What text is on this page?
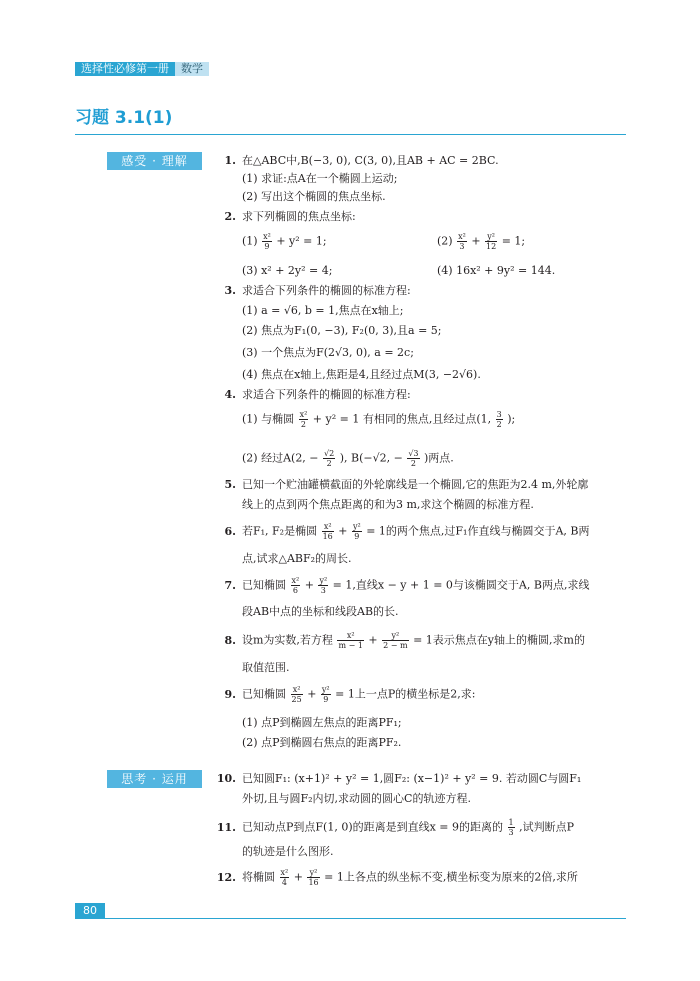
选择性必修第一册	数学
习题 3.1(1)
感受 · 理解	1. 在△ABC中,B(−3, 0), C(3, 0),且AB + AC = 2BC.
(1) 求证:点A在一个椭圆上运动;
(2) 写出这个椭圆的焦点坐标.
2. 求下列椭圆的焦点坐标:
$(1) \frac{\text{x²}}{9} + y^2 = 1$;	$(2) \frac{\text{x²}}{3} + \frac{\text{y²}}{12} = 1$;
(3) x² + 2y² = 4;	(4) 16x² + 9y² = 144.
3. 求适合下列条件的椭圆的标准方程:
(1) a = √6, b = 1,焦点在x轴上;
(2) 焦点为F₁(0, −3), F₂(0, 3),且a = 5;
(3) 一个焦点为F(2√3, 0), a = 2c;
(4) 焦点在x轴上,焦距是4,且经过点M(3, −2√6).
4. 求适合下列条件的椭圆的标准方程:
(1) 与椭圆 $\frac{\text{x²}}{2} + y^2 = 1$ 有相同的焦点,且经过点(1, $\frac{3}{2}$ );
(2) 经过A(2, − $\frac{√2}{2}$ ), B(−√2, − $\frac{√3}{2}$ )两点.
5. 已知一个贮油罐横截面的外轮廓线是一个椭圆,它的焦距为2.4 m,外轮廓
线上的点到两个焦点距离的和为3 m,求这个椭圆的标准方程.
6. 若F₁, F₂是椭圆 $\frac{\text{x²}}{16} + \frac{\text{y²}}{9} = 1$的两个焦点,过F₁作直线与椭圆交于A, B两
点,试求△ABF₂的周长.
7. 已知椭圆 $\frac{\text{x²}}{6} + \frac{\text{y²}}{3} = 1$,直线x − y + 1 = 0与该椭圆交于A, B两点,求线
段AB中点的坐标和线段AB的长.
8. 设m为实数,若方程 $\frac{\text{x²}}{m - 1} + \frac{\text{y²}}{2 - m} = 1$表示焦点在y轴上的椭圆,求m的
取值范围.
9. 已知椭圆 $\frac{\text{x²}}{25} + \frac{\text{y²}}{9} = 1$上一点P的横坐标是2,求:
(1) 点P到椭圆左焦点的距离PF₁;
(2) 点P到椭圆右焦点的距离PF₂.
思考 · 运用	10. 已知圆F₁: (x+1)² + y² = 1,圆F₂: (x−1)² + y² = 9. 若动圆C与圆F₁
外切,且与圆F₂内切,求动圆的圆心C的轨迹方程.
11. 已知动点P到点F(1, 0)的距离是到直线x = 9的距离的 $\frac{1}{3}$ ,试判断点P
的轨迹是什么图形.
12. 将椭圆 $\frac{\text{x²}}{4} + \frac{\text{y²}}{16} = 1$上各点的纵坐标不变,横坐标变为原来的2倍,求所
80
